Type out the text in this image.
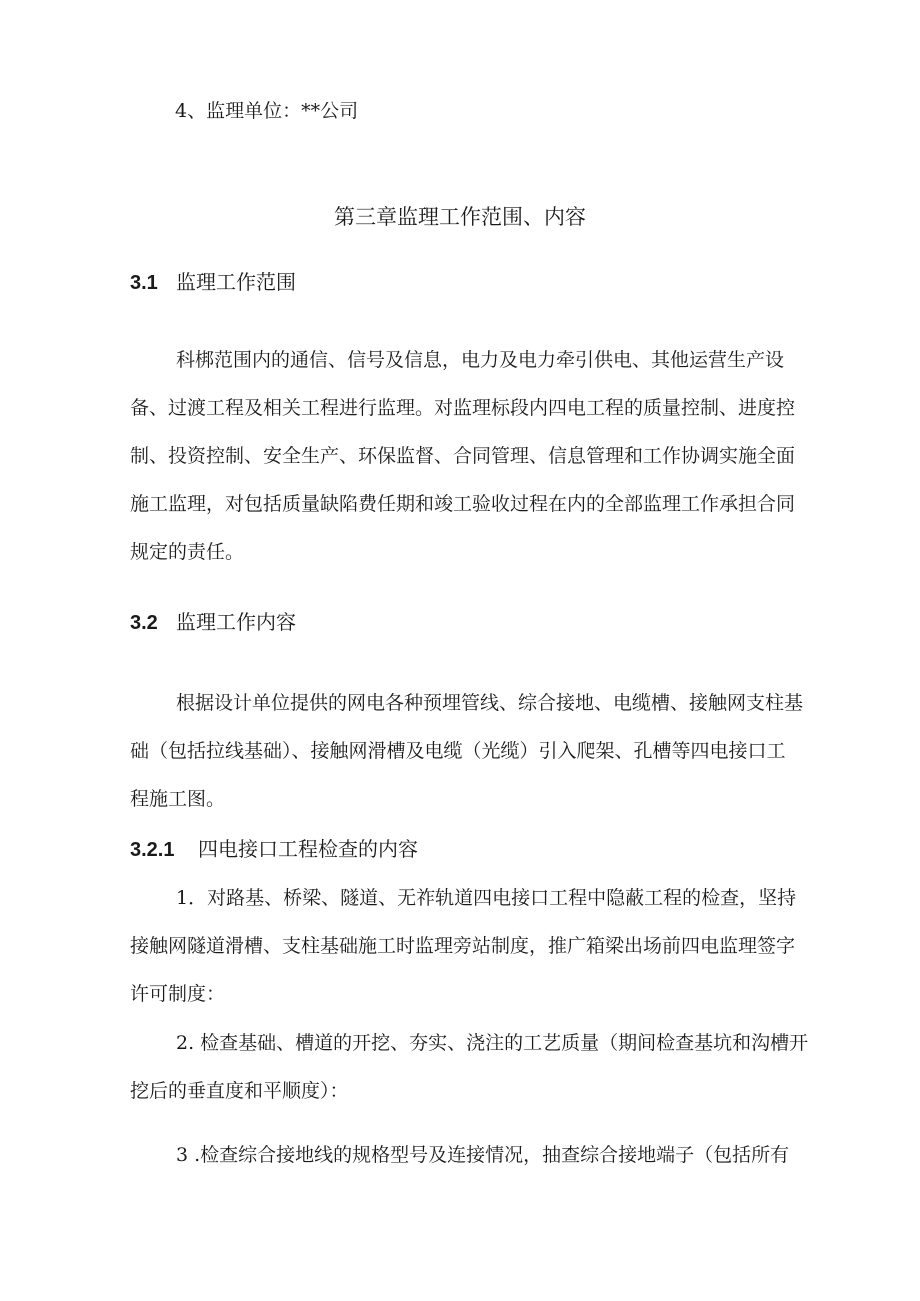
4、监理单位：**公司
第三章监理工作范围、内容
3.1 监理工作范围
科梆范围内的通信、信号及信息，电力及电力牵引供电、其他运营生产设
备、过渡工程及相关工程进行监理。对监理标段内四电工程的质量控制、进度控
制、投资控制、安全生产、环保监督、合同管理、信息管理和工作协调实施全面
施工监理，对包括质量缺陷费任期和竣工验收过程在内的全部监理工作承担合同
规定的责任。
3.2 监理工作内容
根据设计单位提供的网电各种预埋管线、综合接地、电缆槽、接触网支柱基
础（包括拉线基础）、接触网滑槽及电缆（光缆）引入爬架、孔槽等四电接口工
程施工图。
3.2.1 四电接口工程检查的内容
1．对路基、桥梁、隧道、无祚轨道四电接口工程中隐蔽工程的检查，坚持
接触网隧道滑槽、支柱基础施工时监理旁站制度，推广箱梁出场前四电监理签字
许可制度：
2. 检查基础、槽道的开挖、夯实、浇注的工艺质量（期间检查基坑和沟槽开
挖后的垂直度和平顺度）：
3 .检查综合接地线的规格型号及连接情况，抽查综合接地端子（包括所有
